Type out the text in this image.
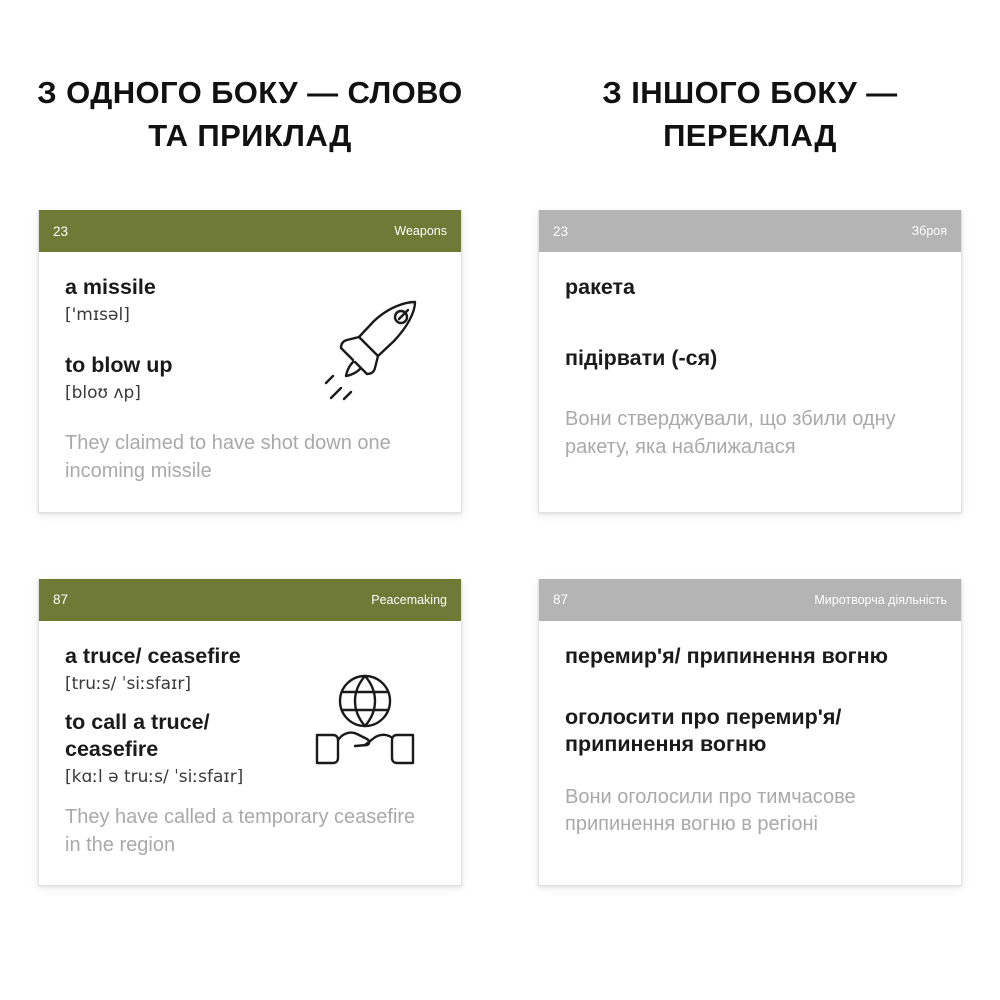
З ОДНОГО БОКУ — СЛОВО ТА ПРИКЛАД
З ІНШОГО БОКУ — ПЕРЕКЛАД
23	Weapons
a missile
['mɪsəl]
to blow up
[bloʊ ʌp]
They claimed to have shot down one incoming missile
23	Зброя
ракета
підірвати (-ся)
Вони стверджували, що збили одну ракету, яка наближалася
87	Peacemaking
a truce/ ceasefire
[truːs/ ˈsiːsfaɪr]
to call a truce/ ceasefire
[kɑːl ə truːs/ ˈsiːsfaɪr]
They have called a temporary ceasefire in the region
87	Миротворча діяльність
перемир'я/ припинення вогню
оголосити про перемир'я/ припинення вогню
Вони оголосили про тимчасове припинення вогню в регіоні
